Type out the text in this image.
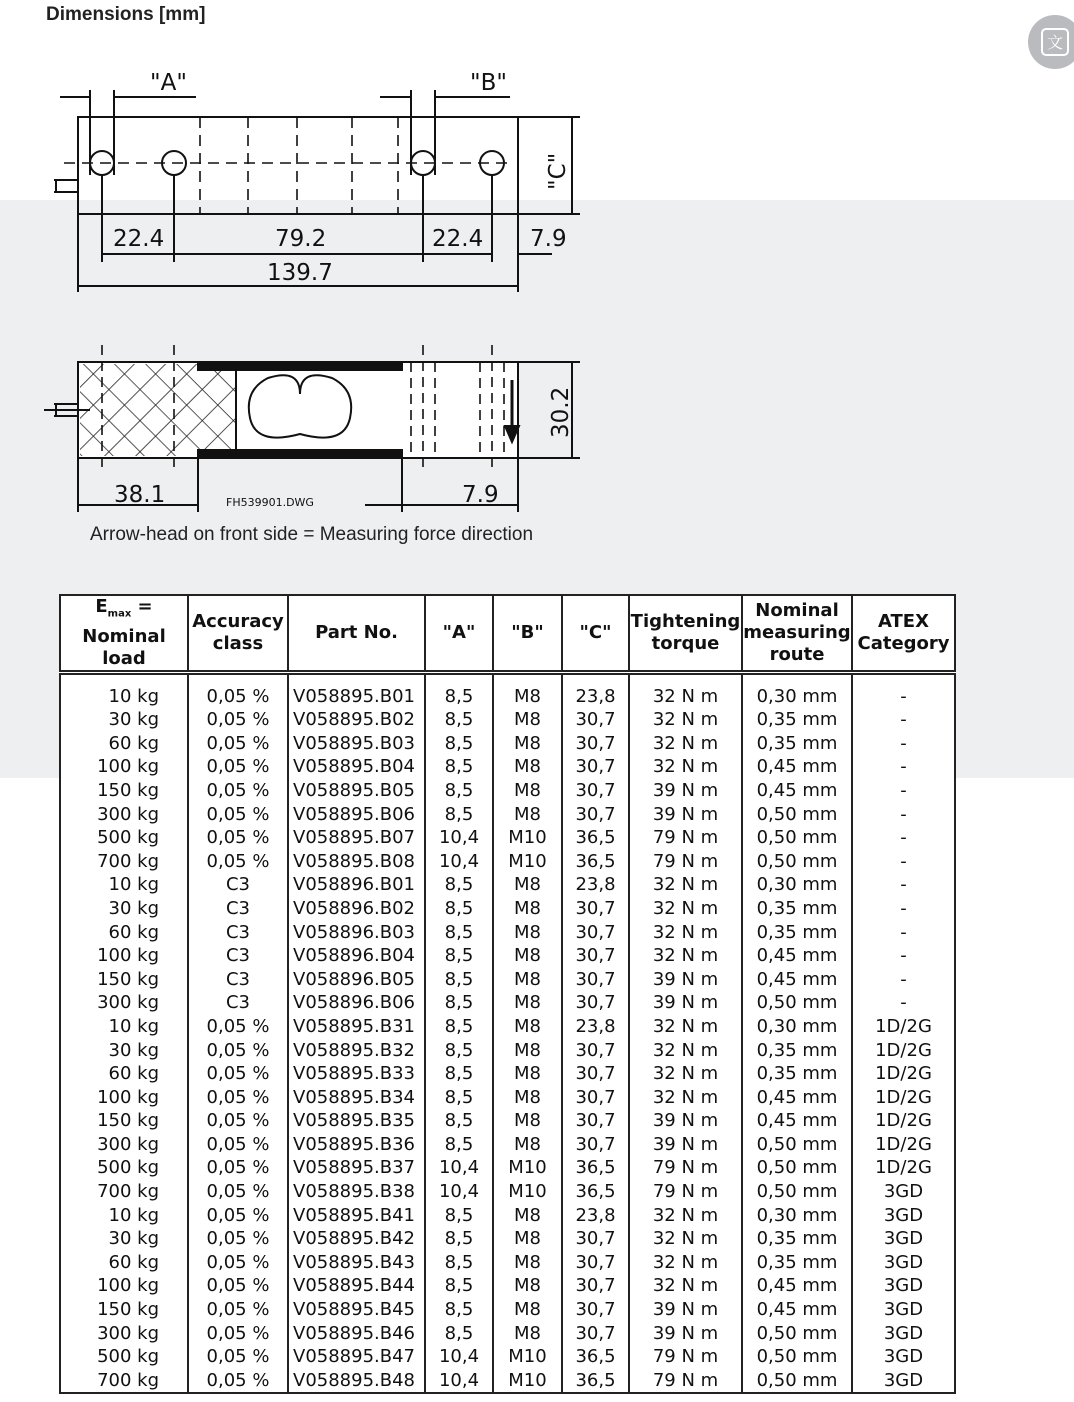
Dimensions [mm]
文
"A"	"B"
"C"
22.4	79.2	22.4 7.9
139.7
30.2
38.1	7.9
FH539901.DWG
Arrow-head on front side = Measuring force direction
$E_{max}$ = Nominal load	Accuracy class	Part No.	"A"	"B"	"C"	Tightening torque	Nominal measuring route	ATEX Category
10 kg	0,05 %	V058895.B01	8,5	M8	23,8	32 N m	0,30 mm	-
30 kg	0,05 %	V058895.B02	8,5	M8	30,7	32 N m	0,35 mm	-
60 kg	0,05 %	V058895.B03	8,5	M8	30,7	32 N m	0,35 mm	-
100 kg	0,05 %	V058895.B04	8,5	M8	30,7	32 N m	0,45 mm	-
150 kg	0,05 %	V058895.B05	8,5	M8	30,7	39 N m	0,45 mm	-
300 kg	0,05 %	V058895.B06	8,5	M8	30,7	39 N m	0,50 mm	-
500 kg	0,05 %	V058895.B07	10,4	M10	36,5	79 N m	0,50 mm	-
700 kg	0,05 %	V058895.B08	10,4	M10	36,5	79 N m	0,50 mm	-
10 kg	C3	V058896.B01	8,5	M8	23,8	32 N m	0,30 mm	-
30 kg	C3	V058896.B02	8,5	M8	30,7	32 N m	0,35 mm	-
60 kg	C3	V058896.B03	8,5	M8	30,7	32 N m	0,35 mm	-
100 kg	C3	V058896.B04	8,5	M8	30,7	32 N m	0,45 mm	-
150 kg	C3	V058896.B05	8,5	M8	30,7	39 N m	0,45 mm	-
300 kg	C3	V058896.B06	8,5	M8	30,7	39 N m	0,50 mm	-
10 kg	0,05 %	V058895.B31	8,5	M8	23,8	32 N m	0,30 mm	1D/2G
30 kg	0,05 %	V058895.B32	8,5	M8	30,7	32 N m	0,35 mm	1D/2G
60 kg	0,05 %	V058895.B33	8,5	M8	30,7	32 N m	0,35 mm	1D/2G
100 kg	0,05 %	V058895.B34	8,5	M8	30,7	32 N m	0,45 mm	1D/2G
150 kg	0,05 %	V058895.B35	8,5	M8	30,7	39 N m	0,45 mm	1D/2G
300 kg	0,05 %	V058895.B36	8,5	M8	30,7	39 N m	0,50 mm	1D/2G
500 kg	0,05 %	V058895.B37	10,4	M10	36,5	79 N m	0,50 mm	1D/2G
700 kg	0,05 %	V058895.B38	10,4	M10	36,5	79 N m	0,50 mm	3GD
10 kg	0,05 %	V058895.B41	8,5	M8	23,8	32 N m	0,30 mm	3GD
30 kg	0,05 %	V058895.B42	8,5	M8	30,7	32 N m	0,35 mm	3GD
60 kg	0,05 %	V058895.B43	8,5	M8	30,7	32 N m	0,35 mm	3GD
100 kg	0,05 %	V058895.B44	8,5	M8	30,7	32 N m	0,45 mm	3GD
150 kg	0,05 %	V058895.B45	8,5	M8	30,7	39 N m	0,45 mm	3GD
300 kg	0,05 %	V058895.B46	8,5	M8	30,7	39 N m	0,50 mm	3GD
500 kg	0,05 %	V058895.B47	10,4	M10	36,5	79 N m	0,50 mm	3GD
700 kg	0,05 %	V058895.B48	10,4	M10	36,5	79 N m	0,50 mm	3GD
